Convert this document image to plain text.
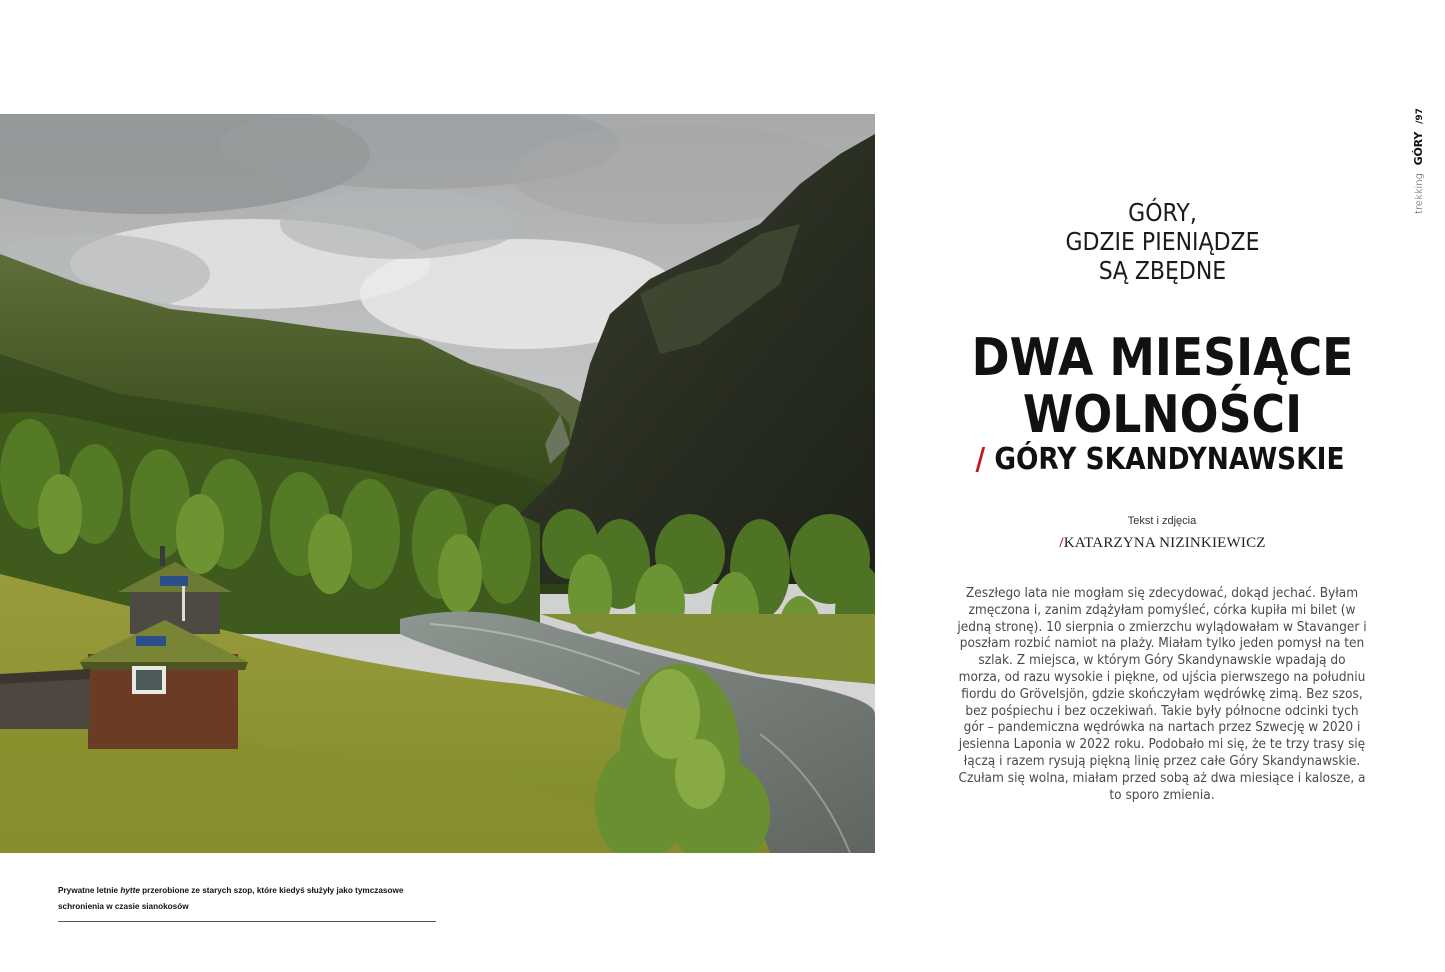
Prywatne letnie hytte przerobione ze starych szop, które kiedyś służyły jako tymczasowe schronienia w czasie sianokosów
trekkingGÓRY/97
GÓRY,
GDZIE PIENIĄDZE
SĄ ZBĘDNE
DWA MIESIĄCE
WOLNOŚCI
/ GÓRY SKANDYNAWSKIE
Tekst i zdjęcia
/KATARZYNA NIZINKIEWICZ
Zeszłego lata nie mogłam się zdecydować, dokąd jechać. Byłam zmęczona i, zanim zdążyłam pomyśleć, córka kupiła mi bilet (w jedną stronę). 10 sierpnia o zmierzchu wylądowałam w Stavanger i poszłam rozbić namiot na plaży. Miałam tylko jeden pomysł na ten szlak. Z miejsca, w którym Góry Skandynawskie wpadają do morza, od razu wysokie i piękne, od ujścia pierwszego na południu fiordu do Grövelsjön, gdzie skończyłam wędrówkę zimą. Bez szos, bez pośpiechu i bez oczekiwań. Takie były północne odcinki tych gór – pandemiczna wędrówka na nartach przez Szwecję w 2020 i jesienna Laponia w 2022 roku. Podobało mi się, że te trzy trasy się łączą i razem rysują piękną linię przez całe Góry Skandynawskie. Czułam się wolna, miałam przed sobą aż dwa miesiące i kalosze, a to sporo zmienia.
